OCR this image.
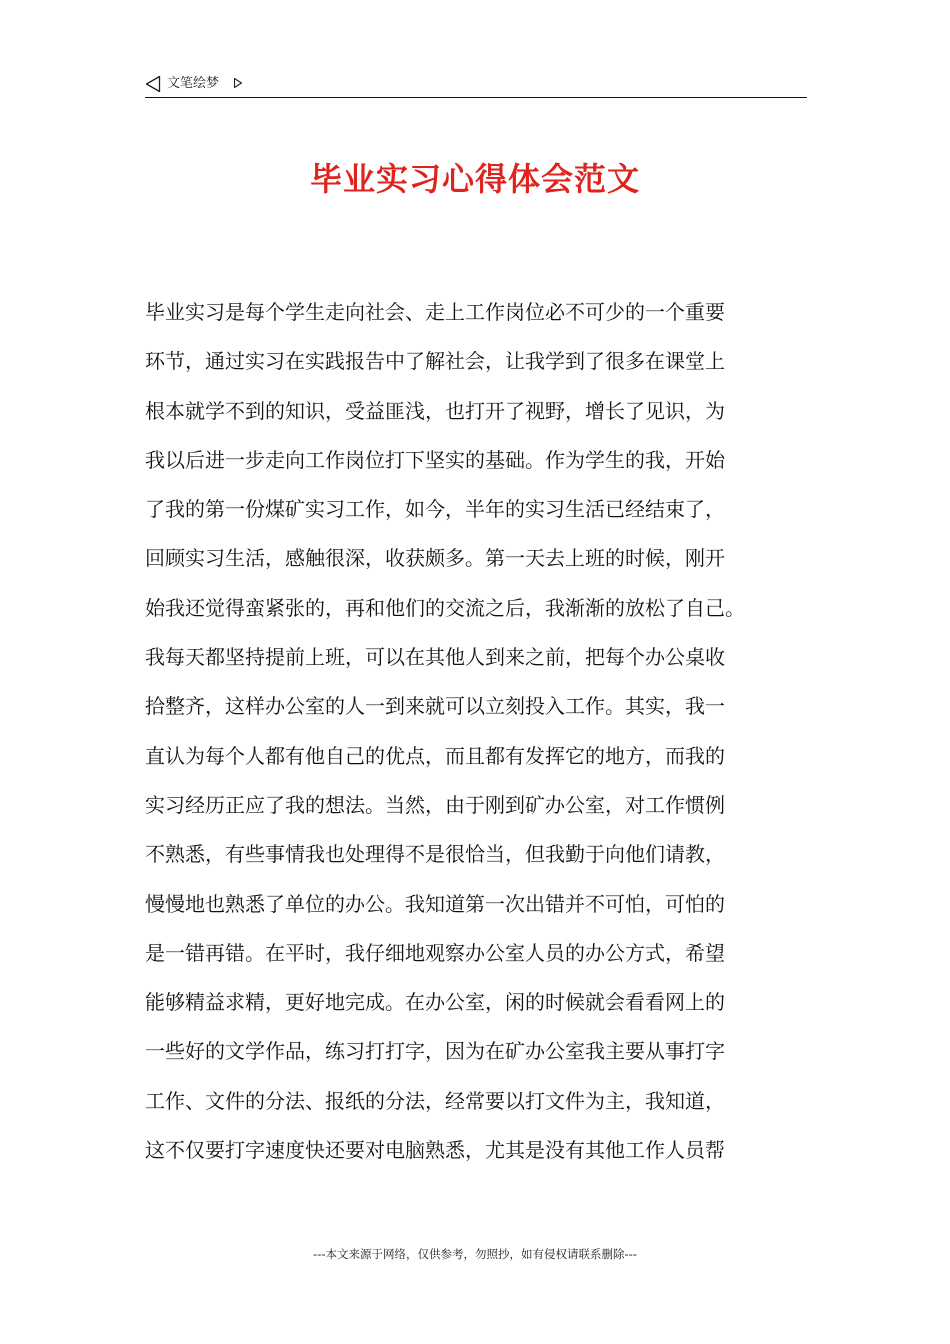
文笔绘梦
毕业实习心得体会范文
毕业实习是每个学生走向社会、走上工作岗位必不可少的一个重要
环节，通过实习在实践报告中了解社会，让我学到了很多在课堂上
根本就学不到的知识，受益匪浅，也打开了视野，增长了见识，为
我以后进一步走向工作岗位打下坚实的基础。作为学生的我，开始
了我的第一份煤矿实习工作，如今，半年的实习生活已经结束了，
回顾实习生活，感触很深，收获颇多。第一天去上班的时候，刚开
始我还觉得蛮紧张的，再和他们的交流之后，我渐渐的放松了自己。
我每天都坚持提前上班，可以在其他人到来之前，把每个办公桌收
拾整齐，这样办公室的人一到来就可以立刻投入工作。其实，我一
直认为每个人都有他自己的优点，而且都有发挥它的地方，而我的
实习经历正应了我的想法。当然，由于刚到矿办公室，对工作惯例
不熟悉，有些事情我也处理得不是很恰当，但我勤于向他们请教，
慢慢地也熟悉了单位的办公。我知道第一次出错并不可怕，可怕的
是一错再错。在平时，我仔细地观察办公室人员的办公方式，希望
能够精益求精，更好地完成。在办公室，闲的时候就会看看网上的
一些好的文学作品，练习打打字，因为在矿办公室我主要从事打字
工作、文件的分法、报纸的分法，经常要以打文件为主，我知道，
这不仅要打字速度快还要对电脑熟悉，尤其是没有其他工作人员帮
---本文来源于网络，仅供参考，勿照抄，如有侵权请联系删除---
